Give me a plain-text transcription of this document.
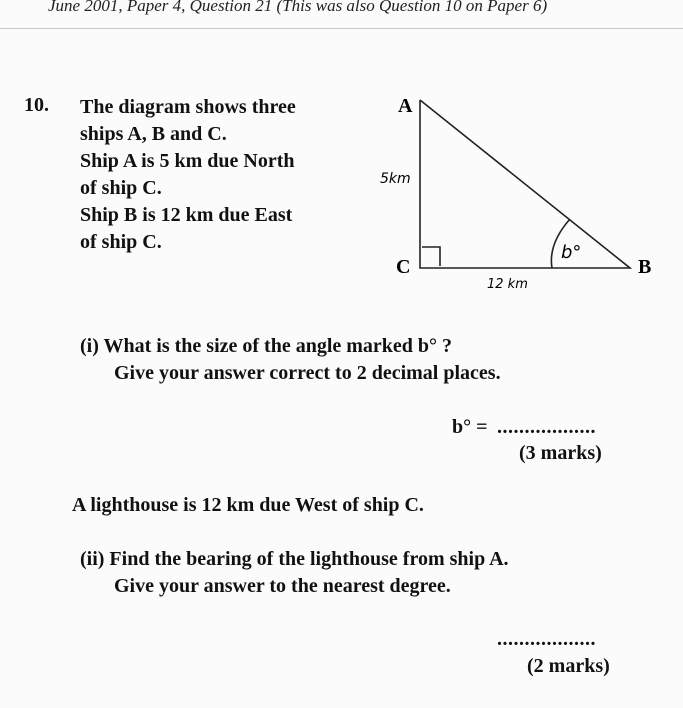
June 2001, Paper 4, Question 21 (This was also Question 10 on Paper 6)
10. The diagram shows three
ships A, B and C.
Ship A is 5 km due North
of ship C.
Ship B is 12 km due East
of ship C.
A
C	B
5km
12 km
b°
(i) What is the size of the angle marked b° ?
Give your answer correct to 2 decimal places.
b° = ..................
(3 marks)
A lighthouse is 12 km due West of ship C.
(ii) Find the bearing of the lighthouse from ship A.
Give your answer to the nearest degree.
..................
(2 marks)
